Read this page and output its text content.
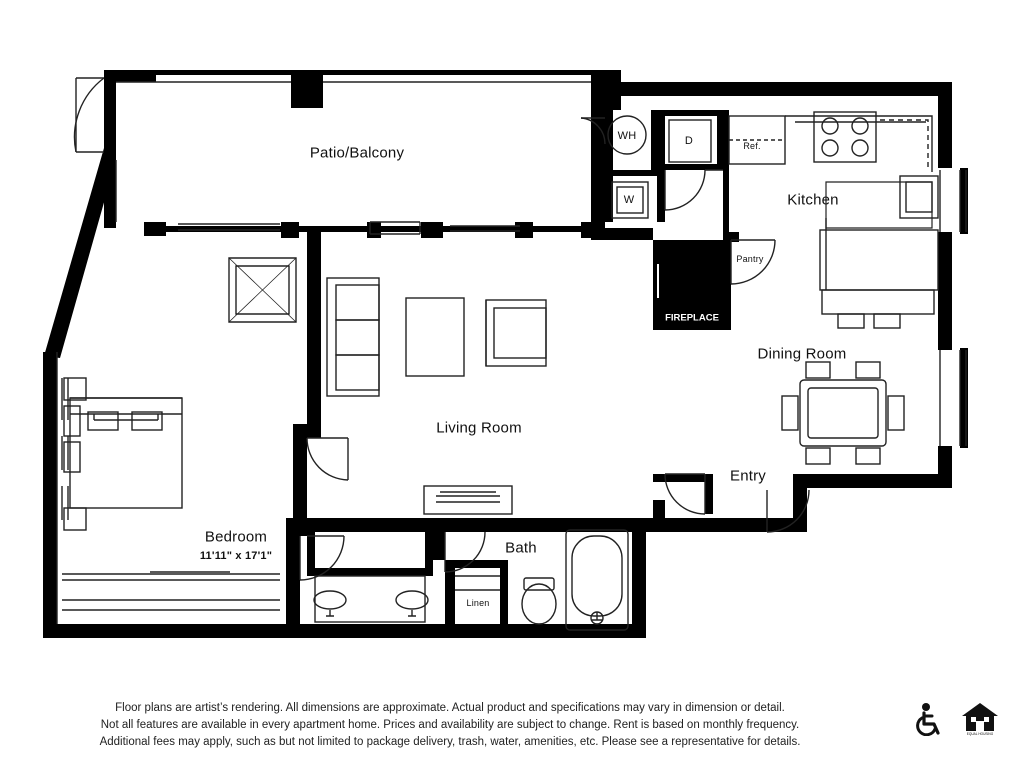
Patio/Balcony
Kitchen
Dining Room
Living Room
Entry
Bedroom
Bath
Linen
Pantry
11'11" x 17'1"
WH	D	Ref.
W
FIREPLACE
Floor plans are artist’s rendering. All dimensions are approximate. Actual product and specifications may vary in dimension or detail.
Not all features are available in every apartment home. Prices and availability are subject to change. Rent is based on monthly frequency.
Additional fees may apply, such as but not limited to package delivery, trash, water, amenities, etc. Please see a representative for details.
EQUAL HOUSING
